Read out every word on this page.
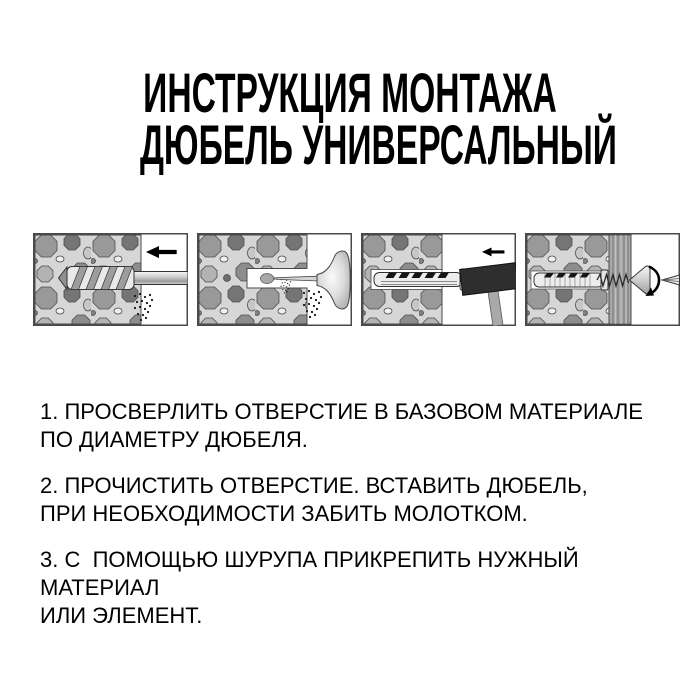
ИНСТРУКЦИЯ МОНТАЖА
ДЮБЕЛЬ УНИВЕРСАЛЬНЫЙ
1. ПРОСВЕРЛИТЬ ОТВЕРСТИЕ В БАЗОВОМ МАТЕРИАЛЕ
ПО ДИАМЕТРУ ДЮБЕЛЯ.
2. ПРОЧИСТИТЬ ОТВЕРСТИЕ. ВСТАВИТЬ ДЮБЕЛЬ,
ПРИ НЕОБХОДИМОСТИ ЗАБИТЬ МОЛОТКОМ.
3. С  ПОМОЩЬЮ ШУРУПА ПРИКРЕПИТЬ НУЖНЫЙ МАТЕРИАЛ
ИЛИ ЭЛЕМЕНТ.
